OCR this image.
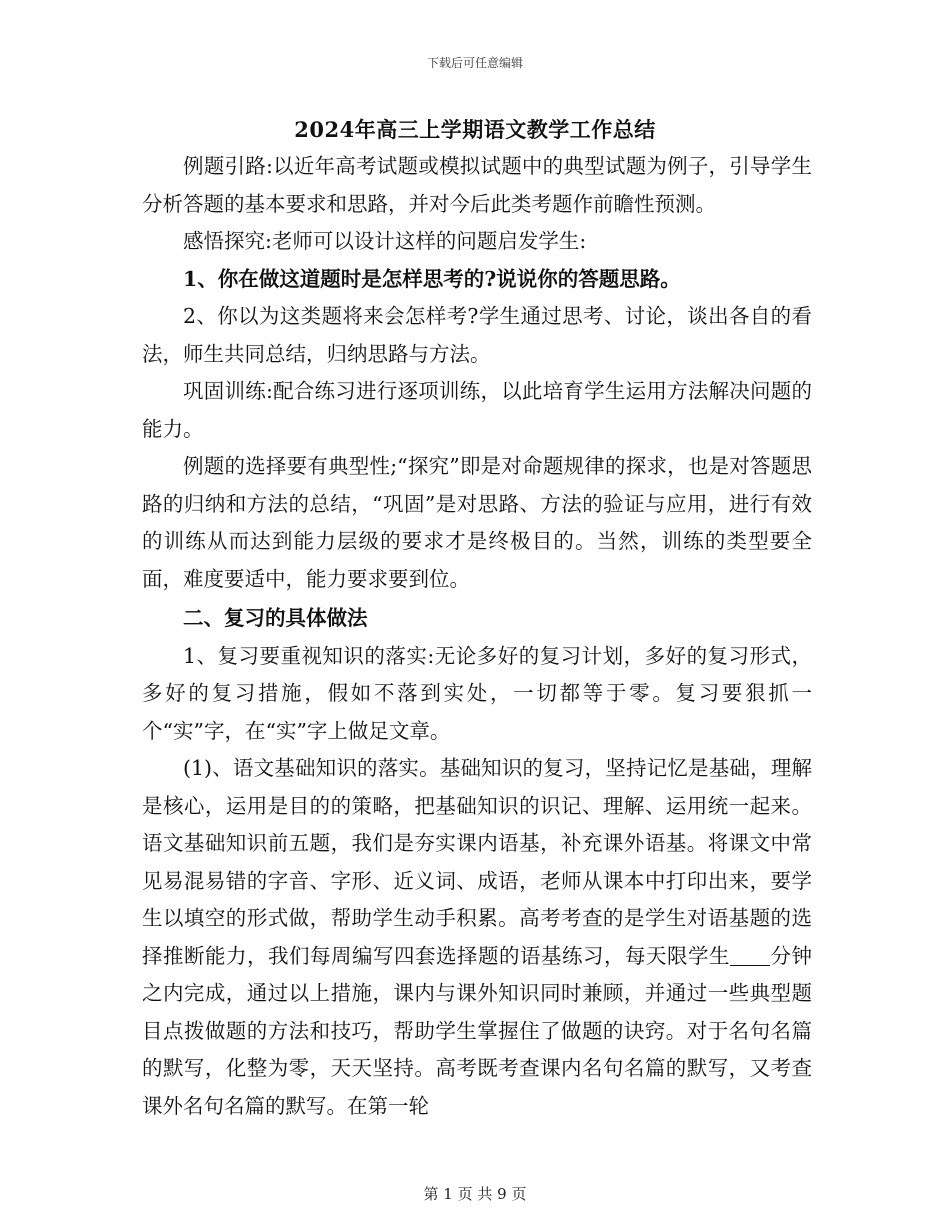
下载后可任意编辑
2024年高三上学期语文教学工作总结

例题引路:以近年高考试题或模拟试题中的典型试题为例子，引导学生分析答题的基本要求和思路，并对今后此类考题作前瞻性预测。

感悟探究:老师可以设计这样的问题启发学生:

1、你在做这道题时是怎样思考的?说说你的答题思路。

2、你以为这类题将来会怎样考?学生通过思考、讨论，谈出各自的看法，师生共同总结，归纳思路与方法。

巩固训练:配合练习进行逐项训练，以此培育学生运用方法解决问题的能力。

例题的选择要有典型性;“探究”即是对命题规律的探求，也是对答题思路的归纳和方法的总结，“巩固”是对思路、方法的验证与应用，进行有效的训练从而达到能力层级的要求才是终极目的。当然，训练的类型要全面，难度要适中，能力要求要到位。

二、复习的具体做法

1、复习要重视知识的落实:无论多好的复习计划，多好的复习形式，多好的复习措施，假如不落到实处，一切都等于零。复习要狠抓一个“实”字，在“实”字上做足文章。

(1)、语文基础知识的落实。基础知识的复习，坚持记忆是基础，理解是核心，运用是目的的策略，把基础知识的识记、理解、运用统一起来。语文基础知识前五题，我们是夯实课内语基，补充课外语基。将课文中常见易混易错的字音、字形、近义词、成语，老师从课本中打印出来，要学生以填空的形式做，帮助学生动手积累。高考考查的是学生对语基题的选择推断能力，我们每周编写四套选择题的语基练习，每天限学生 分钟之内完成，通过以上措施，课内与课外知识同时兼顾，并通过一些典型题目点拨做题的方法和技巧，帮助学生掌握住了做题的诀窍。对于名句名篇的默写，化整为零，天天坚持。高考既考查课内名句名篇的默写，又考查课外名句名篇的默写。在第一轮

第 1 页 共 9 页
